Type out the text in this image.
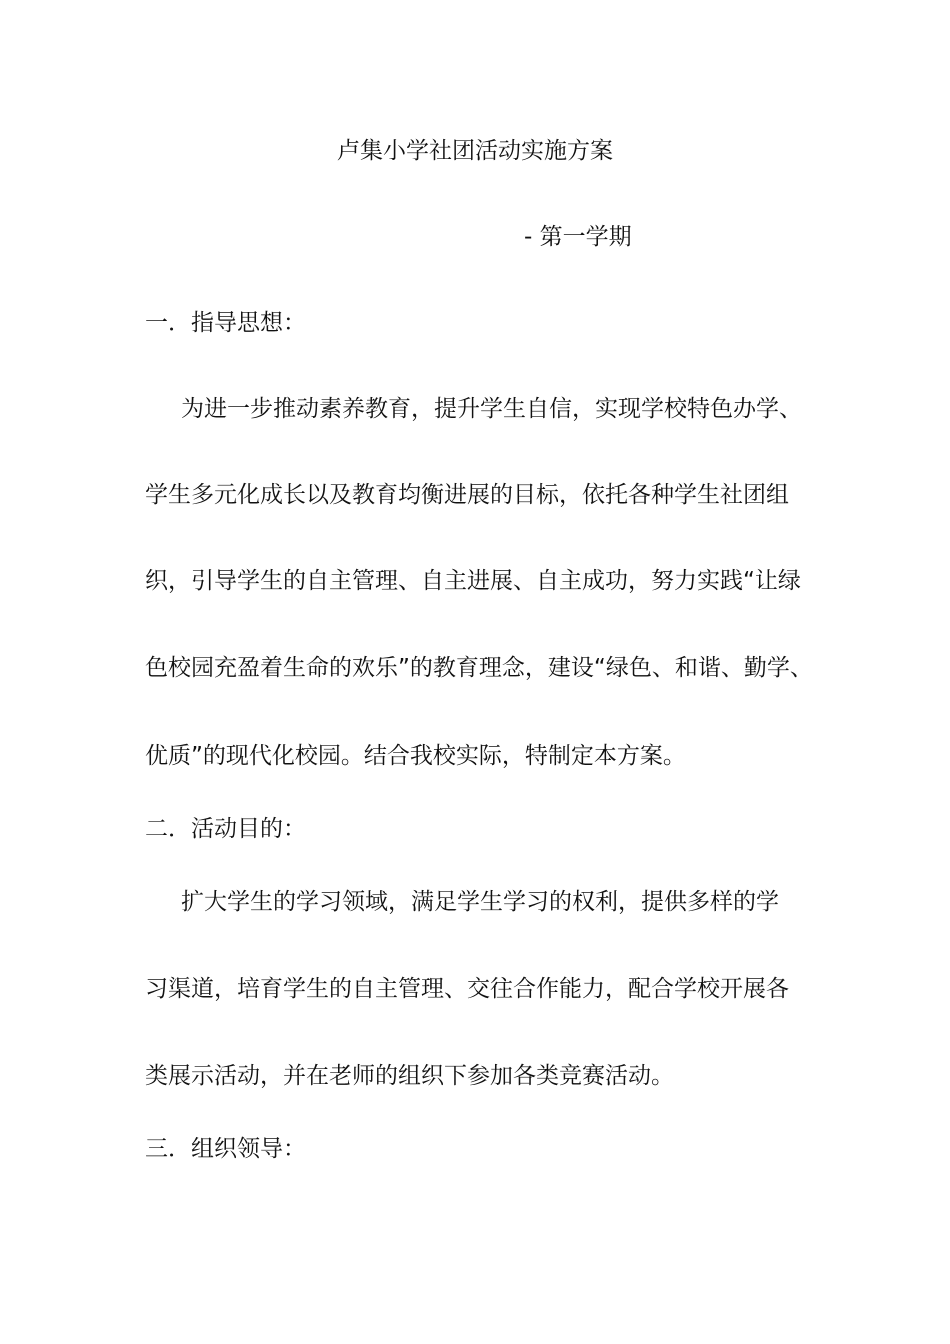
卢集小学社团活动实施方案
- 第一学期
一．指导思想：
为进一步推动素养教育，提升学生自信，实现学校特色办学、
学生多元化成长以及教育均衡进展的目标，依托各种学生社团组
织，引导学生的自主管理、自主进展、自主成功，努力实践“让绿
色校园充盈着生命的欢乐”的教育理念，建设“绿色、和谐、勤学、
优质”的现代化校园。结合我校实际，特制定本方案。
二．活动目的：
扩大学生的学习领域，满足学生学习的权利，提供多样的学
习渠道，培育学生的自主管理、交往合作能力，配合学校开展各
类展示活动，并在老师的组织下参加各类竞赛活动。
三．组织领导：
